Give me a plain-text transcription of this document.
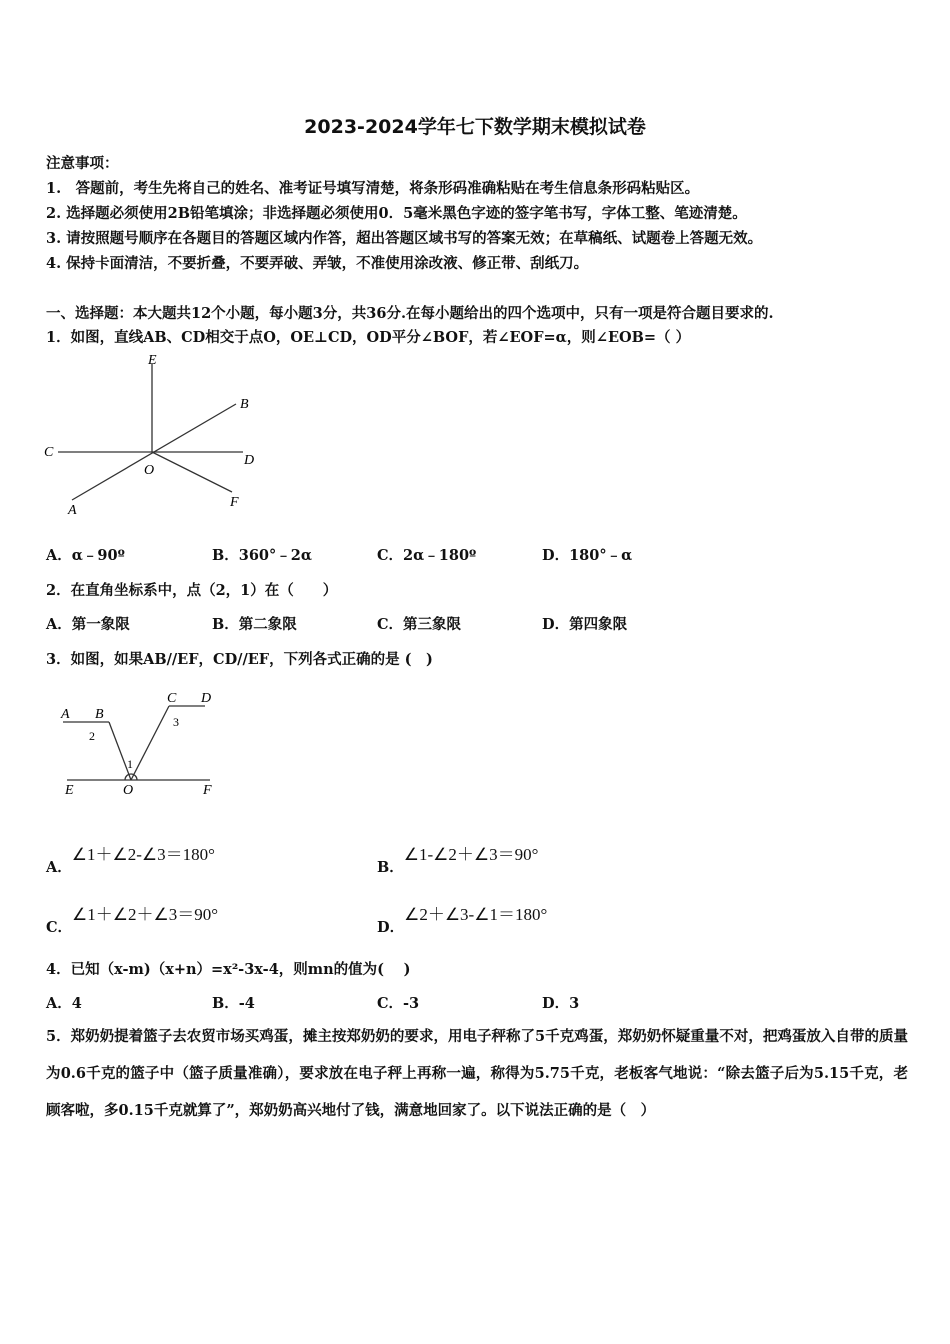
2023-2024学年七下数学期末模拟试卷
注意事项：
1.　答题前，考生先将自己的姓名、准考证号填写清楚，将条形码准确粘贴在考生信息条形码粘贴区。
2. 选择题必须使用2B铅笔填涂；非选择题必须使用0．5毫米黑色字迹的签字笔书写，字体工整、笔迹清楚。
3. 请按照题号顺序在各题目的答题区域内作答，超出答题区域书写的答案无效；在草稿纸、试题卷上答题无效。
4. 保持卡面清洁，不要折叠，不要弄破、弄皱，不准使用涂改液、修正带、刮纸刀。
一、选择题：本大题共12个小题，每小题3分，共36分.在每小题给出的四个选项中，只有一项是符合题目要求的.
1．如图，直线AB、CD相交于点O，OE⊥CD，OD平分∠BOF，若∠EOF=α，则∠EOB=（ ）
E
B
C
O
D
A
F
A．α﹣90º	B．360°﹣2α	C．2α﹣180º	D．180°﹣α
2．在直角坐标系中，点（2，1）在（　　）
A．第一象限	B．第二象限	C．第三象限	D．第四象限
3．如图，如果AB//EF，CD//EF，下列各式正确的是 (　)
A B
2
C D
3
1
E	O	F
A．∠1＋∠2-∠3＝180°
B．∠1-∠2＋∠3＝90°
C．∠1＋∠2＋∠3＝90°
D．∠2＋∠3-∠1＝180°
4．已知（x-m)（x+n）=x²-3x-4，则mn的值为(　 )
A．4	B．-4	C．-3	D．3
5．郑奶奶提着篮子去农贸市场买鸡蛋，摊主按郑奶奶的要求，用电子秤称了5千克鸡蛋，郑奶奶怀疑重量不对，把鸡蛋放入自带的质量为0.6千克的篮子中（篮子质量准确），要求放在电子秤上再称一遍，称得为5.75千克，老板客气地说：“除去篮子后为5.15千克，老顾客啦，多0.15千克就算了”，郑奶奶高兴地付了钱，满意地回家了。以下说法正确的是（　）
